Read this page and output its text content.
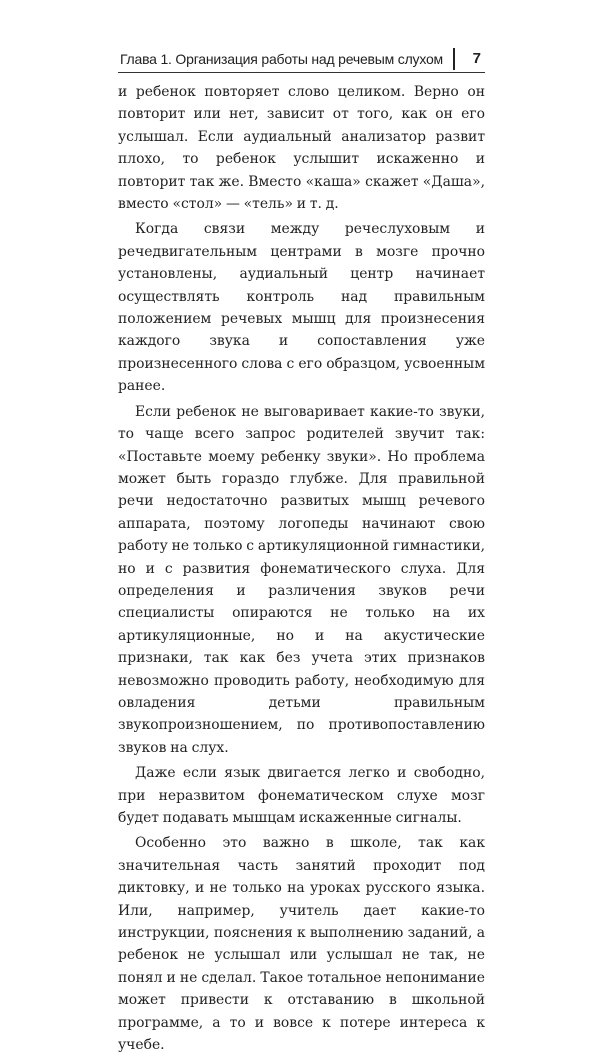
Глава 1. Организация работы над речевым слухом 7

и ребенок повторяет слово целиком. Верно он повторит или нет, зависит от того, как он его услышал. Если аудиальный анализатор развит плохо, то ребенок услышит искаженно и повторит так же. Вместо «каша» скажет «Даша», вместо «стол» — «тель» и т. д.

Когда связи между речеслуховым и речедвигательным центрами в мозге прочно установлены, аудиальный центр начинает осуществлять контроль над правильным положением речевых мышц для произнесения каждого звука и сопоставления уже произнесенного слова с его образцом, усвоенным ранее.

Если ребенок не выговаривает какие-то звуки, то чаще всего запрос родителей звучит так: «Поставьте моему ребенку звуки». Но проблема может быть гораздо глубже. Для правильной речи недостаточно развитых мышц речевого аппарата, поэтому логопеды начинают свою работу не только с артикуляционной гимнастики, но и с развития фонематического слуха. Для определения и различения звуков речи специалисты опираются не только на их артикуляционные, но и на акустические признаки, так как без учета этих признаков невозможно проводить работу, необходимую для овладения детьми правильным звукопроизношением, по противопоставлению звуков на слух.

Даже если язык двигается легко и свободно, при неразвитом фонематическом слухе мозг будет подавать мышцам искаженные сигналы.

Особенно это важно в школе, так как значительная часть занятий проходит под диктовку, и не только на уроках русского языка. Или, например, учитель дает какие-то инструкции, пояснения к выполнению заданий, а ребенок не услышал или услышал не так, не понял и не сделал. Такое тотальное непонимание может привести к отставанию в школьной программе, а то и вовсе к потере интереса к учебе.
